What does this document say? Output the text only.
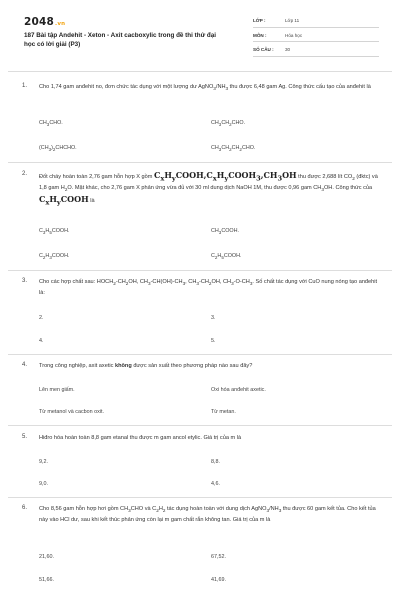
2048.vn
187 Bài tập Andehit - Xeton - Axit cacboxylic trong đề thi thử đại học có lời giải (P3)
LỚP :	Lớp 11
MÔN :	Hóa học
SỐ CÂU : 30
1. Cho 1,74 gam anđehit no, đơn chức tác dụng với một lượng dư $AgNO_3/NH_3$ thu được 6,48 gam Ag. Công thức cấu tạo của anđehit là
$CH_3CHO$.	$CH_3CH_2CHO$.
$(CH_3)_2CHCHO$.	$CH_3CH_2CH_2CHO$.
2. Đốt cháy hoàn toàn 2,76 gam hỗn hợp X gồm $C_xH_yCOOH,C_xH_yCOOH_3,CH_3OH$ thu được 2,688 lít $CO_2$ (đktc) và 1,8 gam $H_2O$. Mặt khác, cho 2,76 gam X phản ứng vừa đủ với 30 ml dung dịch NaOH 1M, thu được 0,96 gam $CH_3OH$. Công thức của $C_xH_yCOOH$ là
$C_3H_5COOH$.	$CH_3COOH$.
$C_2H_3COOH$.	$C_2H_5COOH$.
3. Cho các hợp chất sau: $HOCH_2-CH_2OH$, $CH_3-CH(OH)-CH_3$, $CH_3-CH_2OH$, $CH_3-O-CH_3$. Số chất tác dụng với CuO nung nóng tạo anđehit là:
2.	3.
4.	5.
4. Trong công nghiệp, axit axetic không được sản xuất theo phương pháp nào sau đây?
Lên men giấm.	Oxi hóa anđehit axetic.
Từ metanol và cacbon oxit.	Từ metan.
5. Hiđro hóa hoàn toàn 8,8 gam etanal thu được m gam ancol etylic. Giá trị của m là
9,2.	8,8.
9,0.	4,6.
6. Cho 8,56 gam hỗn hợp hơi gồm $CH_3CHO$ và $C_2H_2$ tác dụng hoàn toàn với dung dịch $AgNO_3/NH_3$ thu được 60 gam kết tủa. Cho kết tủa này vào HCl dư, sau khi kết thúc phản ứng còn lại m gam chất rắn không tan. Giá trị của m là
21,60.	67,52.
51,66.	41,69.
